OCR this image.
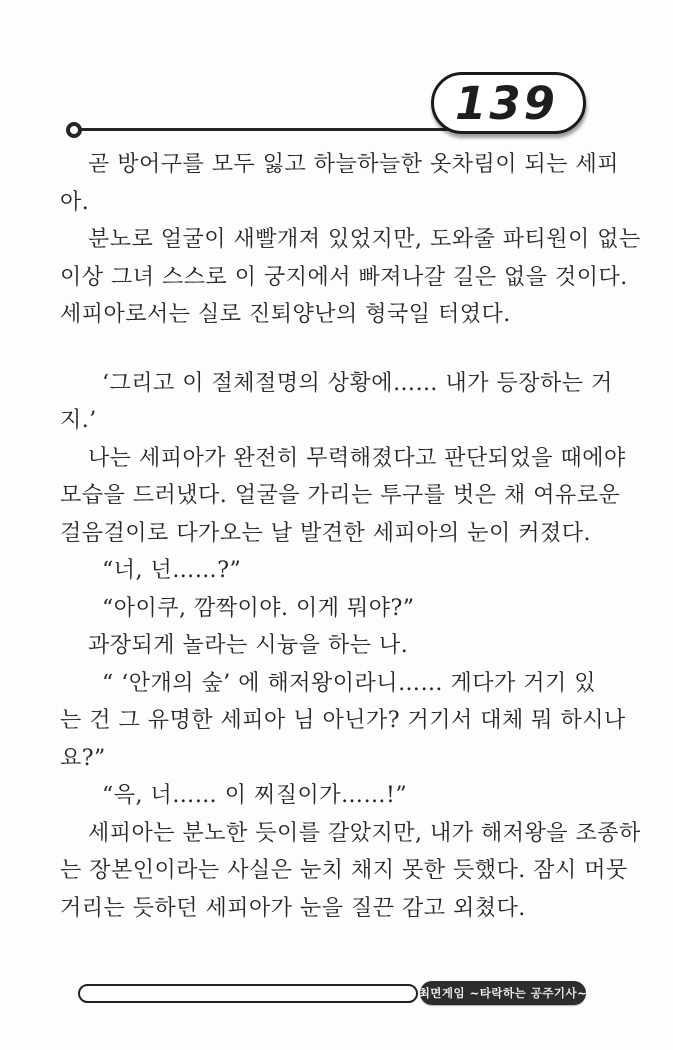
139
곧 방어구를 모두 잃고 하늘하늘한 옷차림이 되는 세피
아.
분노로 얼굴이 새빨개져 있었지만, 도와줄 파티원이 없는
이상 그녀 스스로 이 궁지에서 빠져나갈 길은 없을 것이다.
세피아로서는 실로 진퇴양난의 형국일 터였다.
‘그리고 이 절체절명의 상황에…… 내가 등장하는 거
지.’
나는 세피아가 완전히 무력해졌다고 판단되었을 때에야
모습을 드러냈다. 얼굴을 가리는 투구를 벗은 채 여유로운
걸음걸이로 다가오는 날 발견한 세피아의 눈이 커졌다.
“너, 넌……?”
“아이쿠, 깜짝이야. 이게 뭐야?”
과장되게 놀라는 시늉을 하는 나.
“ ‘안개의 숲’ 에 해저왕이라니…… 게다가 거기 있
는 건 그 유명한 세피아 님 아닌가? 거기서 대체 뭐 하시나
요?”
“윽, 너…… 이 찌질이가……!”
세피아는 분노한 듯이를 갈았지만, 내가 해저왕을 조종하
는 장본인이라는 사실은 눈치 채지 못한 듯했다. 잠시 머뭇
거리는 듯하던 세피아가 눈을 질끈 감고 외쳤다.
최면게임 ~타락하는 공주기사~
